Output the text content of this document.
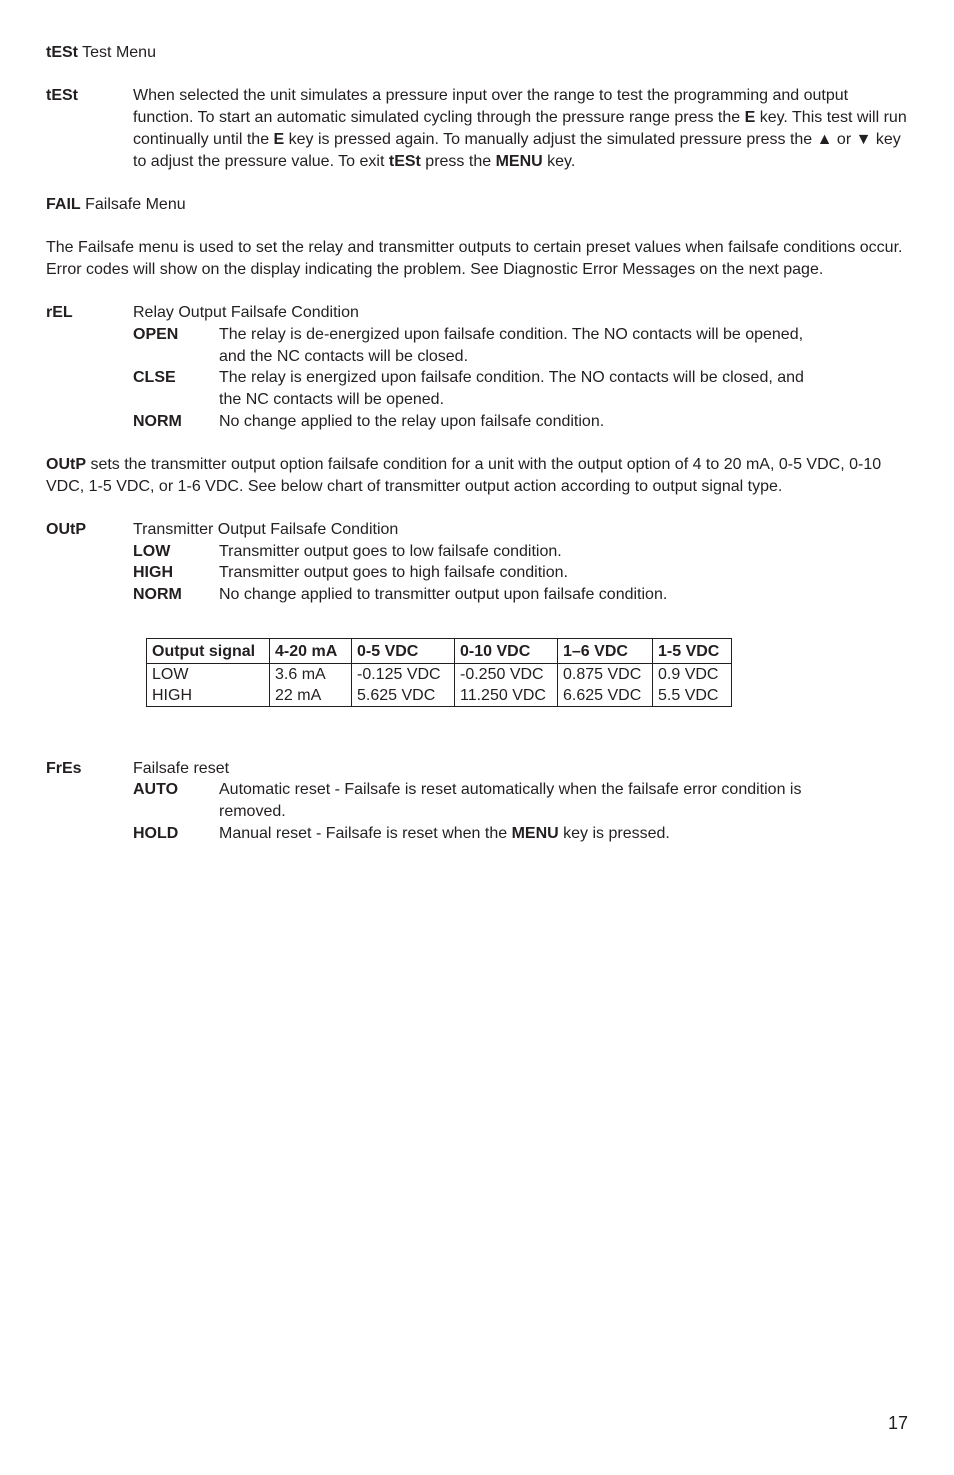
tESt Test Menu
tESt	When selected the unit simulates a pressure input over the range to test the programming and output function. To start an automatic simulated cycling through the pressure range press the E key. This test will run continually until the E key is pressed again. To manually adjust the simulated pressure press the ▲ or ▼ key to adjust the pressure value. To exit tESt press the MENU key.
FAIL Failsafe Menu
The Failsafe menu is used to set the relay and transmitter outputs to certain preset values when failsafe conditions occur. Error codes will show on the display indicating the problem. See Diagnostic Error Messages on the next page.
rEL	Relay Output Failsafe Condition
OPEN	The relay is de-energized upon failsafe condition. The NO contacts will be opened, and the NC contacts will be closed.
CLSE	The relay is energized upon failsafe condition. The NO contacts will be closed, and the NC contacts will be opened.
NORM No change applied to the relay upon failsafe condition.
OUtP sets the transmitter output option failsafe condition for a unit with the output option of 4 to 20 mA, 0-5 VDC, 0-10 VDC, 1-5 VDC, or 1-6 VDC. See below chart of transmitter output action according to output signal type.
OUtP	Transmitter Output Failsafe Condition
LOW	Transmitter output goes to low failsafe condition.
HIGH	Transmitter output goes to high failsafe condition.
NORM No change applied to transmitter output upon failsafe condition.
Output signal	4-20 mA	0-5 VDC	0-10 VDC	1–6 VDC	1-5 VDC
LOW	3.6 mA	-0.125 VDC	-0.250 VDC	0.875 VDC	0.9 VDC
HIGH	22 mA	5.625 VDC	11.250 VDC	6.625 VDC	5.5 VDC
FrEs	Failsafe reset
AUTO	Automatic reset - Failsafe is reset automatically when the failsafe error condition is removed.
HOLD	Manual reset - Failsafe is reset when the MENU key is pressed.
17
